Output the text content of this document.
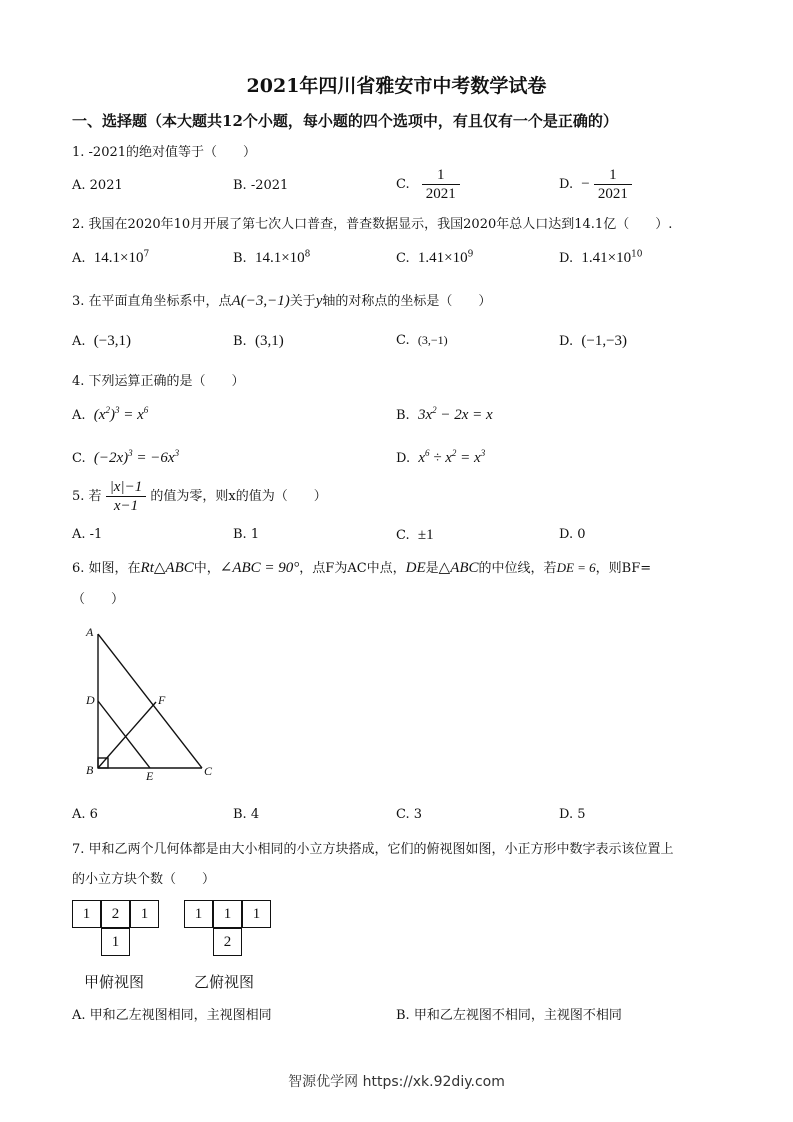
2021年四川省雅安市中考数学试卷
一、选择题（本大题共12个小题，每小题的四个选项中，有且仅有一个是正确的）
1. -2021的绝对值等于（　　）
A. 2021	B. -2021	C. $\frac{1}{2021}$	D. − $\frac{1}{2021}$
2. 我国在2020年10月开展了第七次人口普查，普查数据显示，我国2020年总人口达到14.1亿（　　）.
A. $14.1\times 10^7$	B. $14.1\times 10^8$	C. $1.41\times 10^9$	D. $1.41\times 10^{10}$
3. 在平面直角坐标系中，点A(−3,−1)关于y轴的对称点的坐标是（　　）
A. (−3,1)	B. (3,1)	C. (3,−1)	D. (−1,−3)
4. 下列运算正确的是（　　）
A. $(x^2)^3 = x^6$	B. $3x^2 - 2x = x$
C. $(-2x)^3 = -6x^3$	D. $x^6 \div x^2 = x^3$
5. 若 $\frac{|x|-1}{x-1}$ 的值为零，则x的值为（　　）
A. -1	B. 1	C. ±1	D. 0
6. 如图，在Rt△ABC中，∠ABC = 90°，点F为AC中点，DE是△ABC的中位线，若DE = 6，则BF=
（　　）
A
D	F
B	E	C
A. 6	B. 4	C. 3	D. 5
7. 甲和乙两个几何体都是由大小相同的小立方块搭成，它们的俯视图如图，小正方形中数字表示该位置上
的小立方块个数（　　）
1	2	1
1
1	1	1
2
甲俯视图	乙俯视图
A. 甲和乙左视图相同，主视图相同	B. 甲和乙左视图不相同，主视图不相同
智源优学网 https://xk.92diy.com
